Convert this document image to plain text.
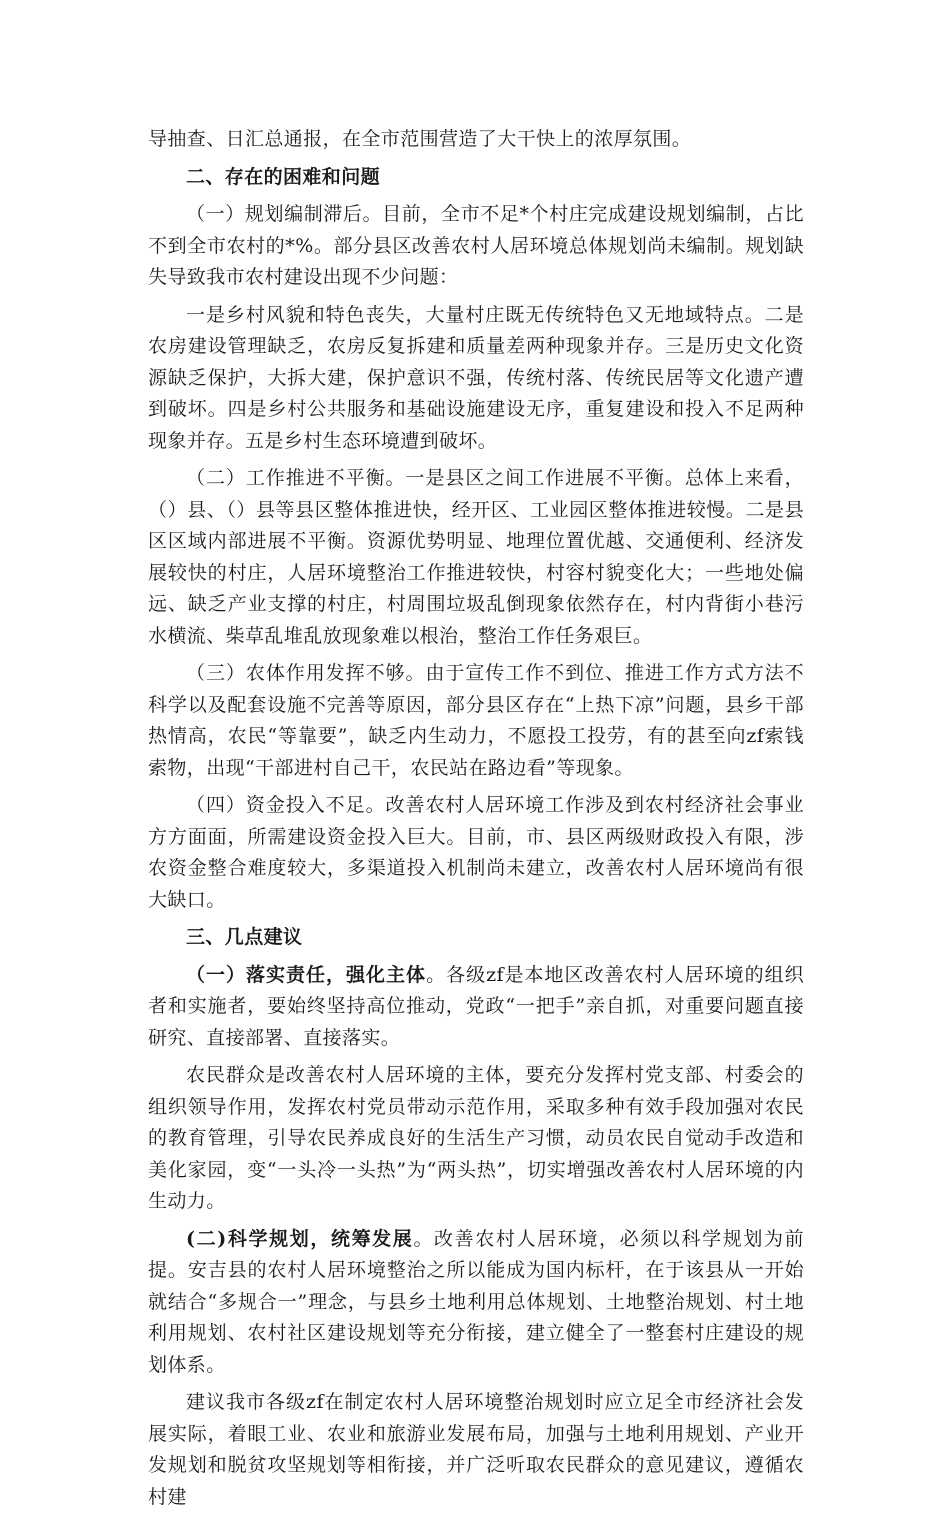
导抽查、日汇总通报，在全市范围营造了大干快上的浓厚氛围。

二、存在的困难和问题

（一）规划编制滞后。目前，全市不足*个村庄完成建设规划编制，占比不到全市农村的*%。部分县区改善农村人居环境总体规划尚未编制。规划缺失导致我市农村建设出现不少问题：

一是乡村风貌和特色丧失，大量村庄既无传统特色又无地域特点。二是农房建设管理缺乏，农房反复拆建和质量差两种现象并存。三是历史文化资源缺乏保护，大拆大建，保护意识不强，传统村落、传统民居等文化遗产遭到破坏。四是乡村公共服务和基础设施建设无序，重复建设和投入不足两种现象并存。五是乡村生态环境遭到破坏。

（二）工作推进不平衡。一是县区之间工作进展不平衡。总体上来看，（）县、（）县等县区整体推进快，经开区、工业园区整体推进较慢。二是县区区域内部进展不平衡。资源优势明显、地理位置优越、交通便利、经济发展较快的村庄，人居环境整治工作推进较快，村容村貌变化大；一些地处偏远、缺乏产业支撑的村庄，村周围垃圾乱倒现象依然存在，村内背街小巷污水横流、柴草乱堆乱放现象难以根治，整治工作任务艰巨。

（三）农体作用发挥不够。由于宣传工作不到位、推进工作方式方法不科学以及配套设施不完善等原因，部分县区存在“上热下凉”问题，县乡干部热情高，农民“等靠要”，缺乏内生动力，不愿投工投劳，有的甚至向zf索钱索物，出现“干部进村自己干，农民站在路边看”等现象。

（四）资金投入不足。改善农村人居环境工作涉及到农村经济社会事业方方面面，所需建设资金投入巨大。目前，市、县区两级财政投入有限，涉农资金整合难度较大，多渠道投入机制尚未建立，改善农村人居环境尚有很大缺口。

三、几点建议

（一）落实责任，强化主体。各级zf是本地区改善农村人居环境的组织者和实施者，要始终坚持高位推动，党政“一把手”亲自抓，对重要问题直接研究、直接部署、直接落实。

农民群众是改善农村人居环境的主体，要充分发挥村党支部、村委会的组织领导作用，发挥农村党员带动示范作用，采取多种有效手段加强对农民的教育管理，引导农民养成良好的生活生产习惯，动员农民自觉动手改造和美化家园，变“一头冷一头热”为“两头热”，切实增强改善农村人居环境的内生动力。

(二)科学规划，统筹发展。改善农村人居环境，必须以科学规划为前提。安吉县的农村人居环境整治之所以能成为国内标杆，在于该县从一开始就结合“多规合一”理念，与县乡土地利用总体规划、土地整治规划、村土地利用规划、农村社区建设规划等充分衔接，建立健全了一整套村庄建设的规划体系。

建议我市各级zf在制定农村人居环境整治规划时应立足全市经济社会发展实际，着眼工业、农业和旅游业发展布局，加强与土地利用规划、产业开发规划和脱贫攻坚规划等相衔接，并广泛听取农民群众的意见建议，遵循农村建
